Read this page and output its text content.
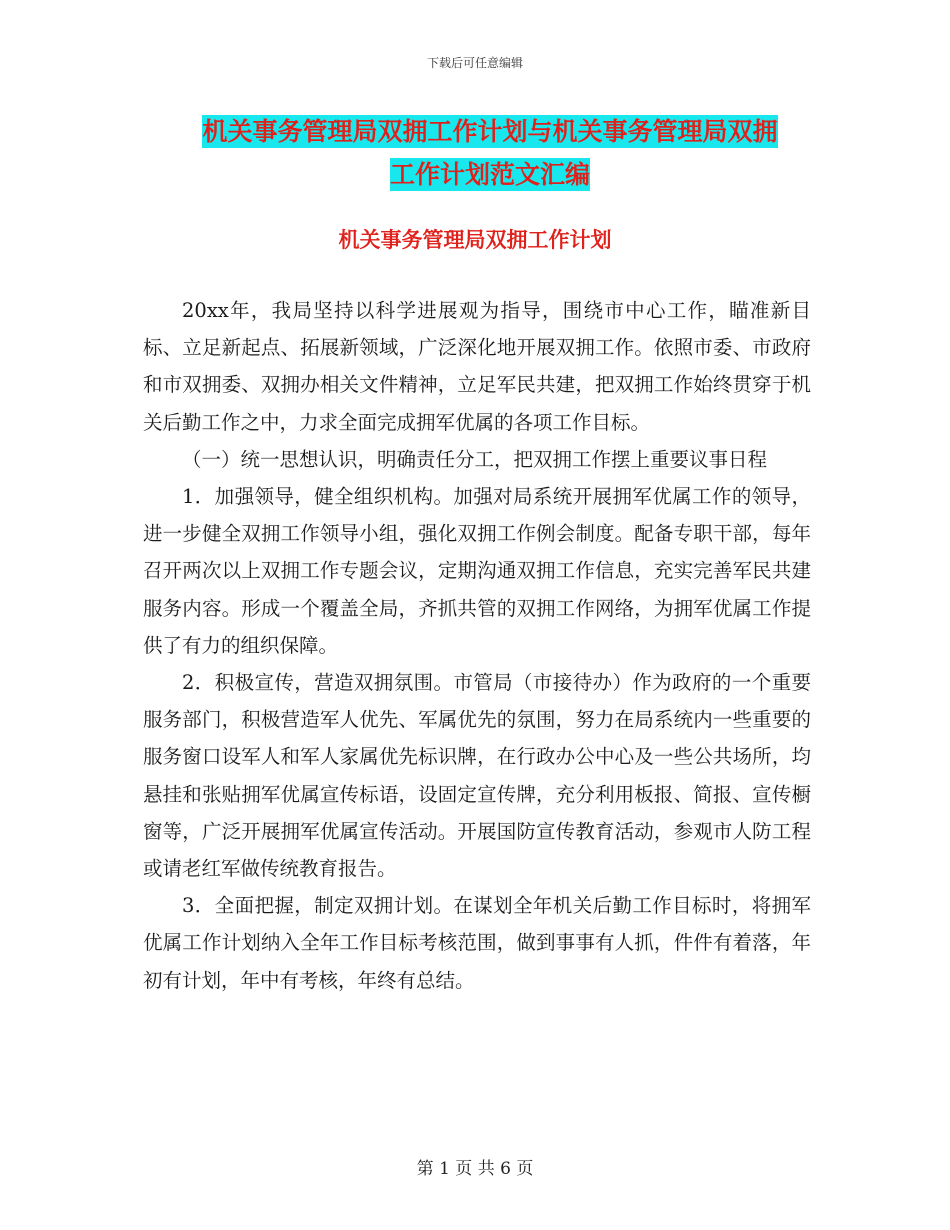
下载后可任意编辑
机关事务管理局双拥工作计划与机关事务管理局双拥
工作计划范文汇编
机关事务管理局双拥工作计划

20xx年，我局坚持以科学进展观为指导，围绕市中心工作，瞄准新目标、立足新起点、拓展新领域，广泛深化地开展双拥工作。依照市委、市政府和市双拥委、双拥办相关文件精神，立足军民共建，把双拥工作始终贯穿于机关后勤工作之中，力求全面完成拥军优属的各项工作目标。

（一）统一思想认识，明确责任分工，把双拥工作摆上重要议事日程

1．加强领导，健全组织机构。加强对局系统开展拥军优属工作的领导，进一步健全双拥工作领导小组，强化双拥工作例会制度。配备专职干部，每年召开两次以上双拥工作专题会议，定期沟通双拥工作信息，充实完善军民共建服务内容。形成一个覆盖全局，齐抓共管的双拥工作网络，为拥军优属工作提供了有力的组织保障。

2．积极宣传，营造双拥氛围。市管局（市接待办）作为政府的一个重要服务部门，积极营造军人优先、军属优先的氛围，努力在局系统内一些重要的服务窗口设军人和军人家属优先标识牌，在行政办公中心及一些公共场所，均悬挂和张贴拥军优属宣传标语，设固定宣传牌，充分利用板报、简报、宣传橱窗等，广泛开展拥军优属宣传活动。开展国防宣传教育活动，参观市人防工程或请老红军做传统教育报告。

3．全面把握，制定双拥计划。在谋划全年机关后勤工作目标时，将拥军优属工作计划纳入全年工作目标考核范围，做到事事有人抓，件件有着落，年初有计划，年中有考核，年终有总结。

第 1 页 共 6 页
